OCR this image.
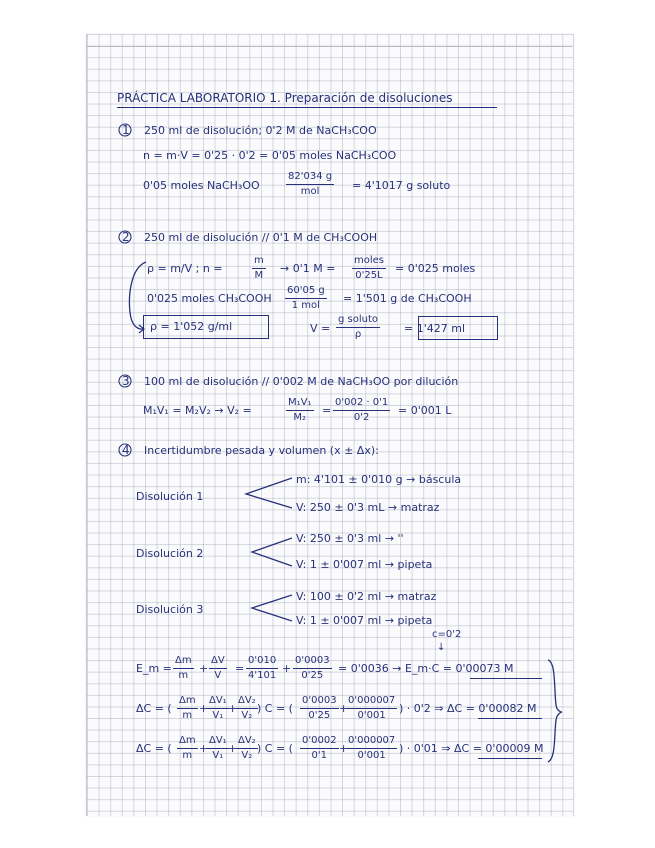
PRÁCTICA LABORATORIO 1. Preparación de disoluciones
1 250 ml de disolución; 0'2 M de NaCH₃COO
n = m·V = 0'25 · 0'2 = 0'05 moles NaCH₃COO
0'05 moles NaCH₃OO
82'034 g
mol	= 4'1017 g soluto
2 250 ml de disolución // 0'1 M de CH₃COOH
ρ = m/V ; n =	$\frac{m}{M} \to 0'1$ M =
moles
0'25L
= 0'025 moles
0'025 moles CH₃COOH
60'05 g
1 mol
= 1'501 g de CH₃COOH
ρ = 1'052 g/ml	V =
g soluto
ρ	= 1'427 ml
3 100 ml de disolución // 0'002 M de NaCH₃OO por dilución
M₁V₁ = M₂V₂ → V₂ =	$\frac{\text{M₁V₁}}{\text{M₂}} = \frac{0'002 \cdot 0'1}{0'2} = 0'001$ L
4 Incertidumbre pesada y volumen (x ± Δx):
Disolución 1
m: 4'101 ± 0'010 g → báscula
V: 250 ± 0'3 mL → matraz
Disolución 2
V: 250 ± 0'3 ml → ''
V: 1 ± 0'007 ml → pipeta
Disolución 3
V: 100 ± 0'2 ml → matraz
V: 1 ± 0'007 ml → pipeta
c=0'2
↓
E_m = $\frac{\Delta m}{m} + \frac{\Delta V}{V} = \frac{0'010}{4'101} + \frac{0'0003}{0'25} = 0'0036$ → E_m·C = 0'00073 M
ΔC = ( $\frac{\Delta m}{m}$ +
$\frac{\text{ΔV₁}}{\text{V₁}}$ +
$\frac{\text{ΔV₂}}{\text{V₂}}$ ) C = ( $\frac{0'0003}{0'25}$ +
$\frac{0'000007}{0'001}$ ) · 0'2 ⇒ ΔC = 0'00082 M
ΔC = ( $\frac{\Delta m}{m}$ +
$\frac{\text{ΔV₁}}{\text{V₁}}$ +
$\frac{\text{ΔV₂}}{\text{V₂}}$ ) C = ( $\frac{0'0002}{0'1}$ +
$\frac{0'000007}{0'001}$ ) · 0'01 ⇒ ΔC = 0'00009 M
